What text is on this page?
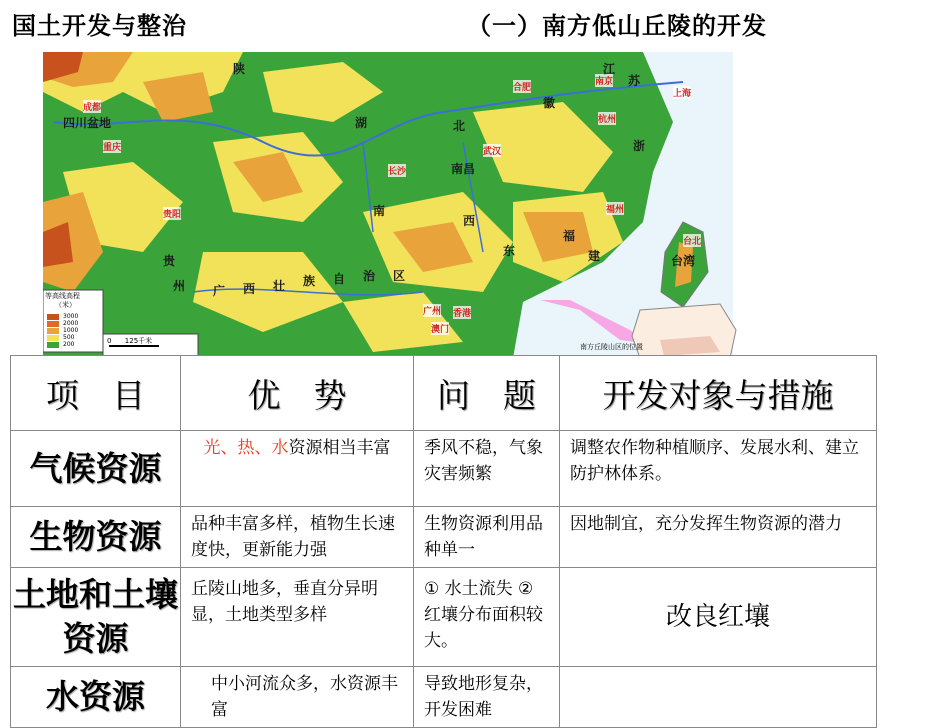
国土开发与整治	（一）南方低山丘陵的开发
等高线高程
（米）
3000
2000
1000
500
200	0      125千米
成都
重庆
四川盆地
武汉
长沙
合肥
南京
上海
杭州
南昌
福州
贵阳
广州 香港
澳门
台北
台湾
陕	江
苏
湖	北
徽
浙
南
西
福
建
广 西 壮 族 自 治 区
贵
州
东
南方丘陵山区的位置
项　目	优　势	问　题	开发对象与措施
气候资源	光、热、水资源相当丰富	季风不稳，气象灾害频繁	调整农作物种植顺序、发展水利、建立防护林体系。
生物资源	品种丰富多样，植物生长速度快，更新能力强	生物资源利用品种单一	因地制宜，充分发挥生物资源的潜力
土地和土壤资源	丘陵山地多，垂直分异明显，土地类型多样	① 水土流失 ②红壤分布面积较大。	改良红壤
水资源	中小河流众多，水资源丰富	导致地形复杂，开发困难	
